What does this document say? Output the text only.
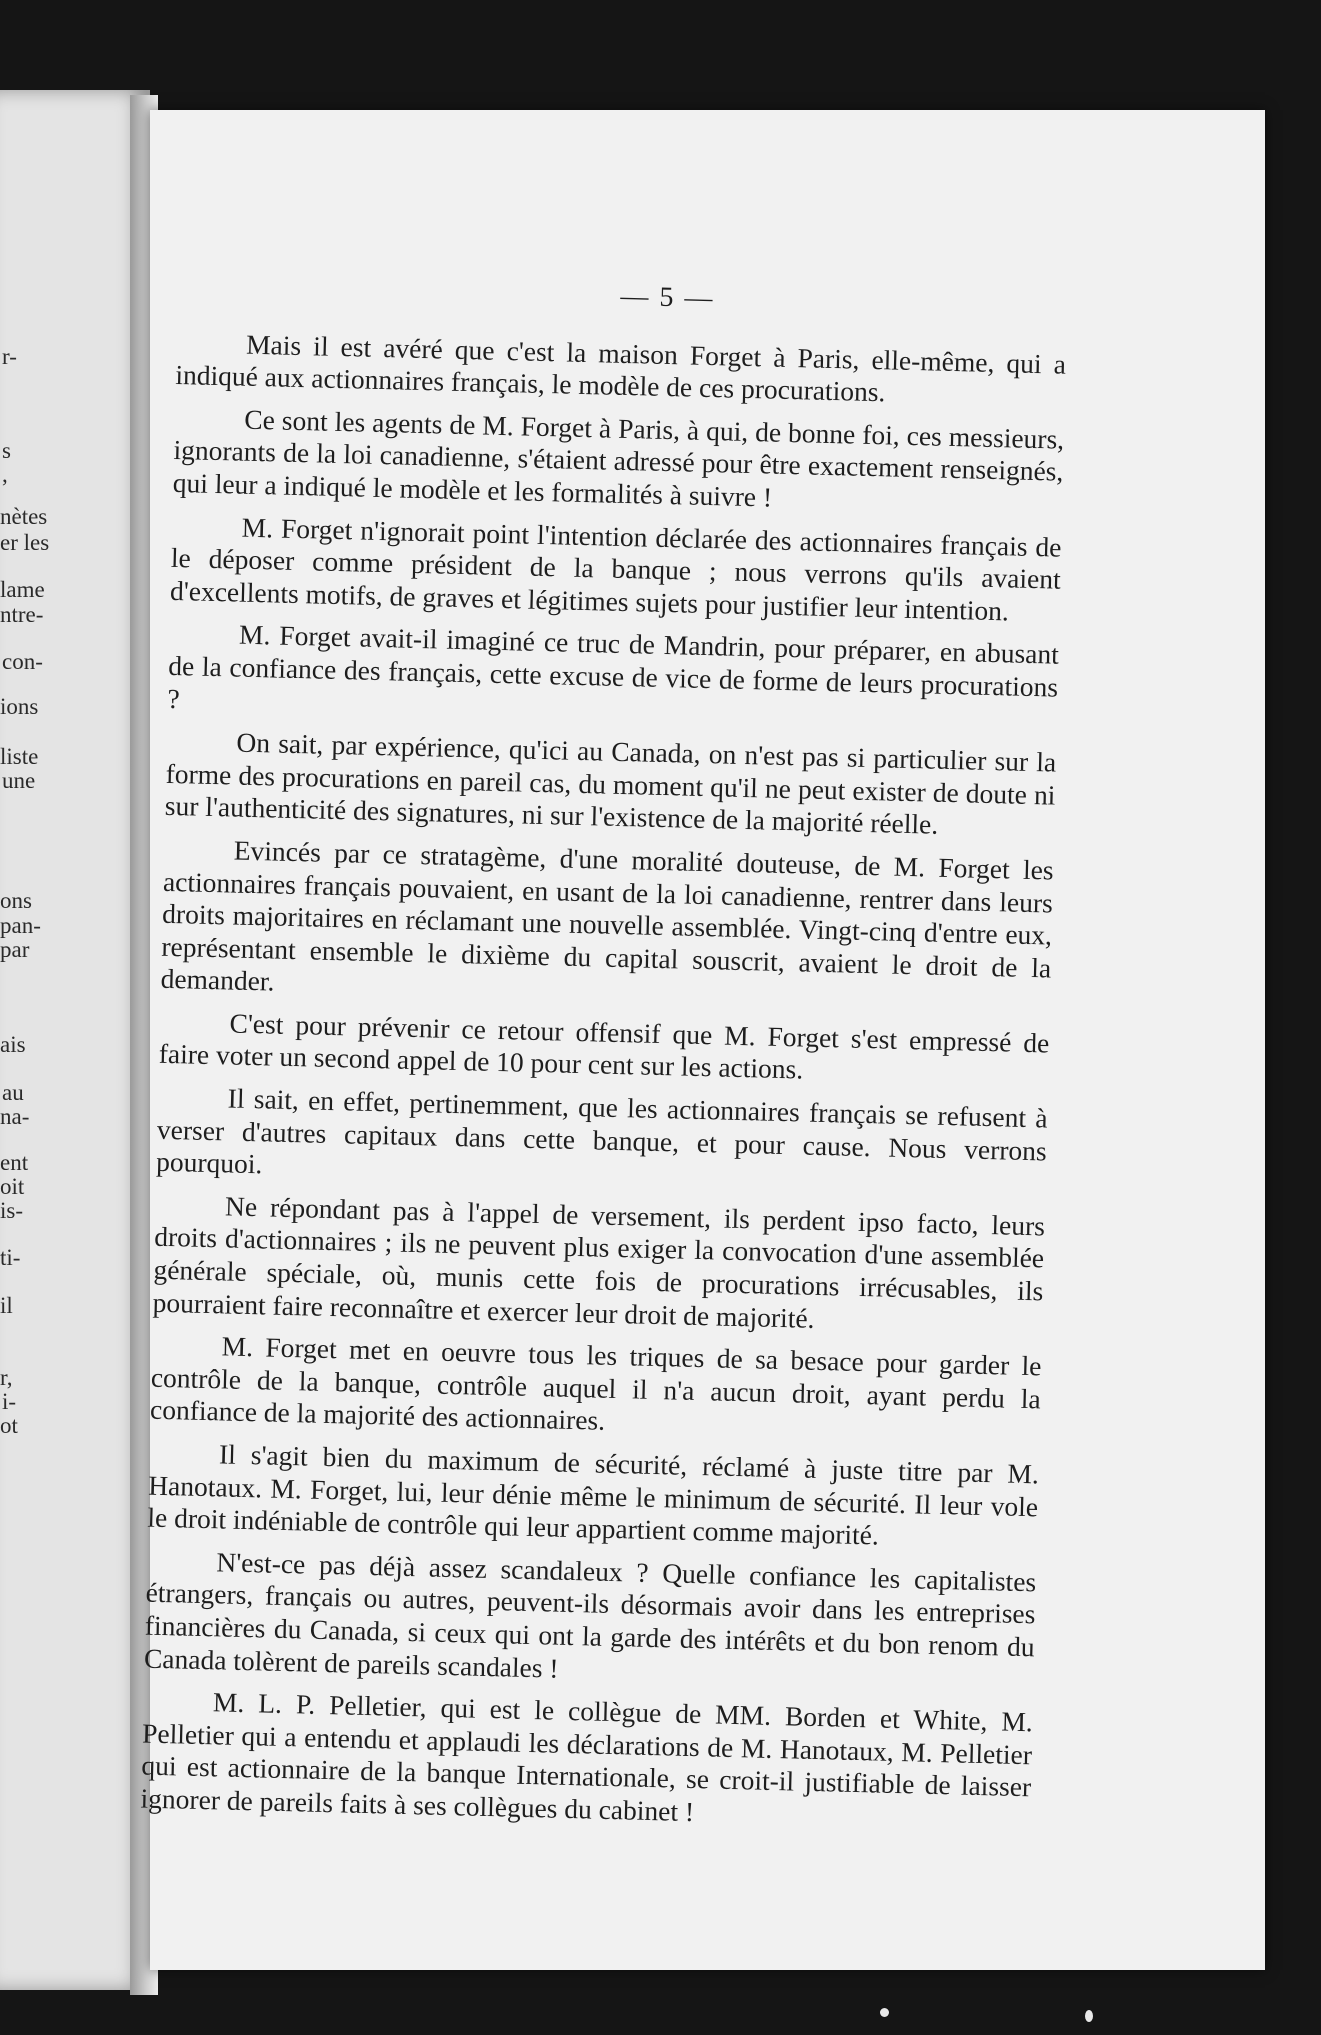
r-
s
,
nètes
er les
lame
ntre-
con-
ions
liste
une
ons
pan-
par
ais
au
na-
ent
oit
is-
ti-
il
r,
i-
ot
— 5 —

Mais il est avéré que c'est la maison Forget à Paris, elle-même, qui a indiqué aux actionnaires français, le modèle de ces procurations.

Ce sont les agents de M. Forget à Paris, à qui, de bonne foi, ces messieurs, ignorants de la loi canadienne, s'étaient adressé pour être exactement renseignés, qui leur a indiqué le modèle et les formalités à suivre !

M. Forget n'ignorait point l'intention déclarée des actionnaires français de le déposer comme président de la banque ; nous verrons qu'ils avaient d'excellents motifs, de graves et légitimes sujets pour justifier leur intention.

M. Forget avait-il imaginé ce truc de Mandrin, pour préparer, en abusant de la confiance des français, cette excuse de vice de forme de leurs procurations ?

On sait, par expérience, qu'ici au Canada, on n'est pas si particulier sur la forme des procurations en pareil cas, du moment qu'il ne peut exister de doute ni sur l'authenticité des signatures, ni sur l'existence de la majorité réelle.

Evincés par ce stratagème, d'une moralité douteuse, de M. Forget les actionnaires français pouvaient, en usant de la loi canadienne, rentrer dans leurs droits majoritaires en réclamant une nouvelle assemblée. Vingt-cinq d'entre eux, représentant ensemble le dixième du capital souscrit, avaient le droit de la demander.

C'est pour prévenir ce retour offensif que M. Forget s'est empressé de faire voter un second appel de 10 pour cent sur les actions.

Il sait, en effet, pertinemment, que les actionnaires français se refusent à verser d'autres capitaux dans cette banque, et pour cause. Nous verrons pourquoi.

Ne répondant pas à l'appel de versement, ils perdent ipso facto, leurs droits d'actionnaires ; ils ne peuvent plus exiger la convocation d'une assemblée générale spéciale, où, munis cette fois de procurations irrécusables, ils pourraient faire reconnaître et exercer leur droit de majorité.

M. Forget met en oeuvre tous les triques de sa besace pour garder le contrôle de la banque, contrôle auquel il n'a aucun droit, ayant perdu la confiance de la majorité des actionnaires.

Il s'agit bien du maximum de sécurité, réclamé à juste titre par M. Hanotaux. M. Forget, lui, leur dénie même le minimum de sécurité. Il leur vole le droit indéniable de contrôle qui leur appartient comme majorité.

N'est-ce pas déjà assez scandaleux ? Quelle confiance les capitalistes étrangers, français ou autres, peuvent-ils désormais avoir dans les entreprises financières du Canada, si ceux qui ont la garde des intérêts et du bon renom du Canada tolèrent de pareils scandales !

M. L. P. Pelletier, qui est le collègue de MM. Borden et White, M. Pelletier qui a entendu et applaudi les déclarations de M. Hanotaux, M. Pelletier qui est actionnaire de la banque Internationale, se croit-il justifiable de laisser ignorer de pareils faits à ses collègues du cabinet !
